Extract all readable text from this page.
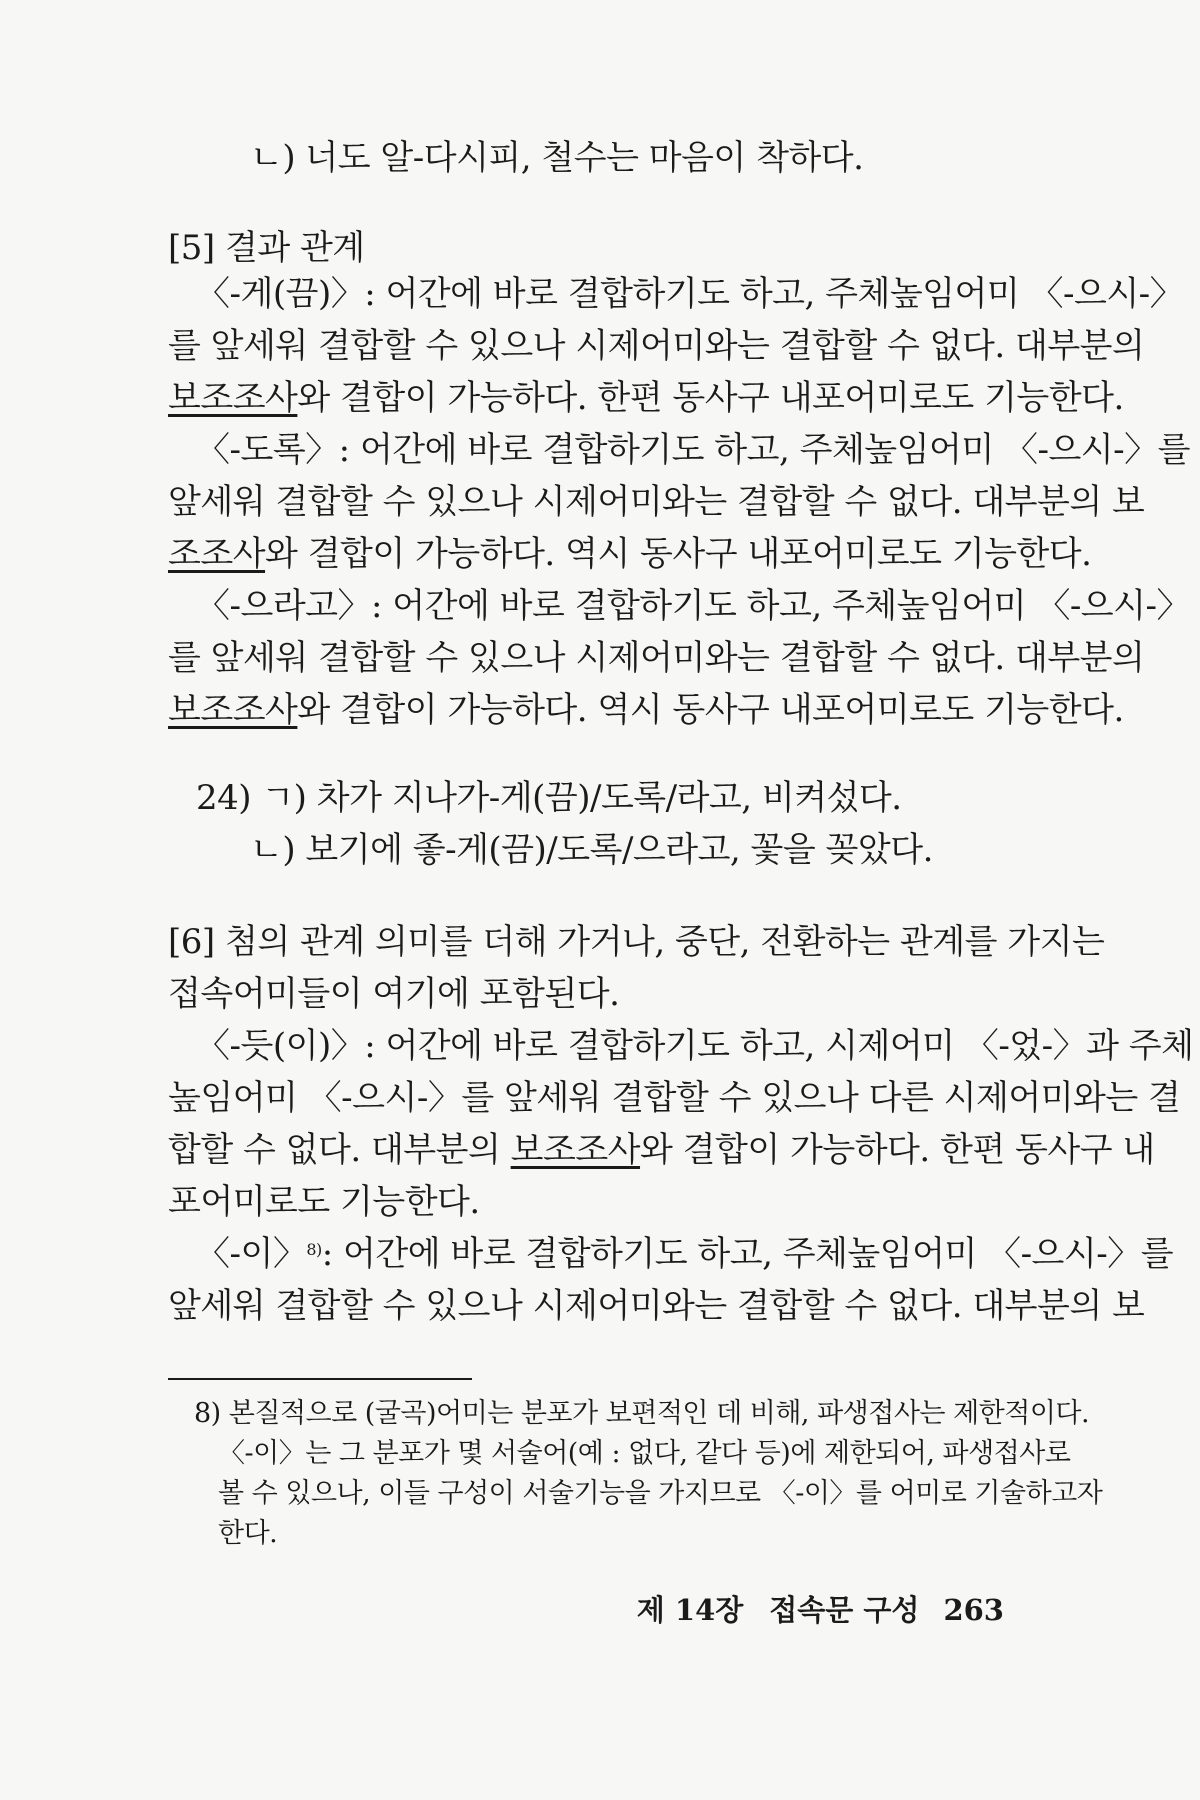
ㄴ) 너도 알-다시피, 철수는 마음이 착하다.
[5] 결과 관계
〈-게(끔)〉: 어간에 바로 결합하기도 하고, 주체높임어미 〈-으시-〉
를 앞세워 결합할 수 있으나 시제어미와는 결합할 수 없다. 대부분의
보조조사와 결합이 가능하다. 한편 동사구 내포어미로도 기능한다.
〈-도록〉: 어간에 바로 결합하기도 하고, 주체높임어미 〈-으시-〉를
앞세워 결합할 수 있으나 시제어미와는 결합할 수 없다. 대부분의 보
조조사와 결합이 가능하다. 역시 동사구 내포어미로도 기능한다.
〈-으라고〉: 어간에 바로 결합하기도 하고, 주체높임어미 〈-으시-〉
를 앞세워 결합할 수 있으나 시제어미와는 결합할 수 없다. 대부분의
보조조사와 결합이 가능하다. 역시 동사구 내포어미로도 기능한다.
24) ㄱ) 차가 지나가-게(끔)/도록/라고, 비켜섰다.
ㄴ) 보기에 좋-게(끔)/도록/으라고, 꽃을 꽂았다.
[6] 첨의 관계 의미를 더해 가거나, 중단, 전환하는 관계를 가지는
접속어미들이 여기에 포함된다.
〈-듯(이)〉: 어간에 바로 결합하기도 하고, 시제어미 〈-었-〉과 주체
높임어미 〈-으시-〉를 앞세워 결합할 수 있으나 다른 시제어미와는 결
합할 수 없다. 대부분의 보조조사와 결합이 가능하다. 한편 동사구 내
포어미로도 기능한다.
〈-이〉$^{8)}$: 어간에 바로 결합하기도 하고, 주체높임어미 〈-으시-〉를
앞세워 결합할 수 있으나 시제어미와는 결합할 수 없다. 대부분의 보
8) 본질적으로 (굴곡)어미는 분포가 보편적인 데 비해, 파생접사는 제한적이다.
〈-이〉는 그 분포가 몇 서술어(예 : 없다, 같다 등)에 제한되어, 파생접사로
볼 수 있으나, 이들 구성이 서술기능을 가지므로 〈-이〉를 어미로 기술하고자
한다.
제 14장 접속문 구성 263
